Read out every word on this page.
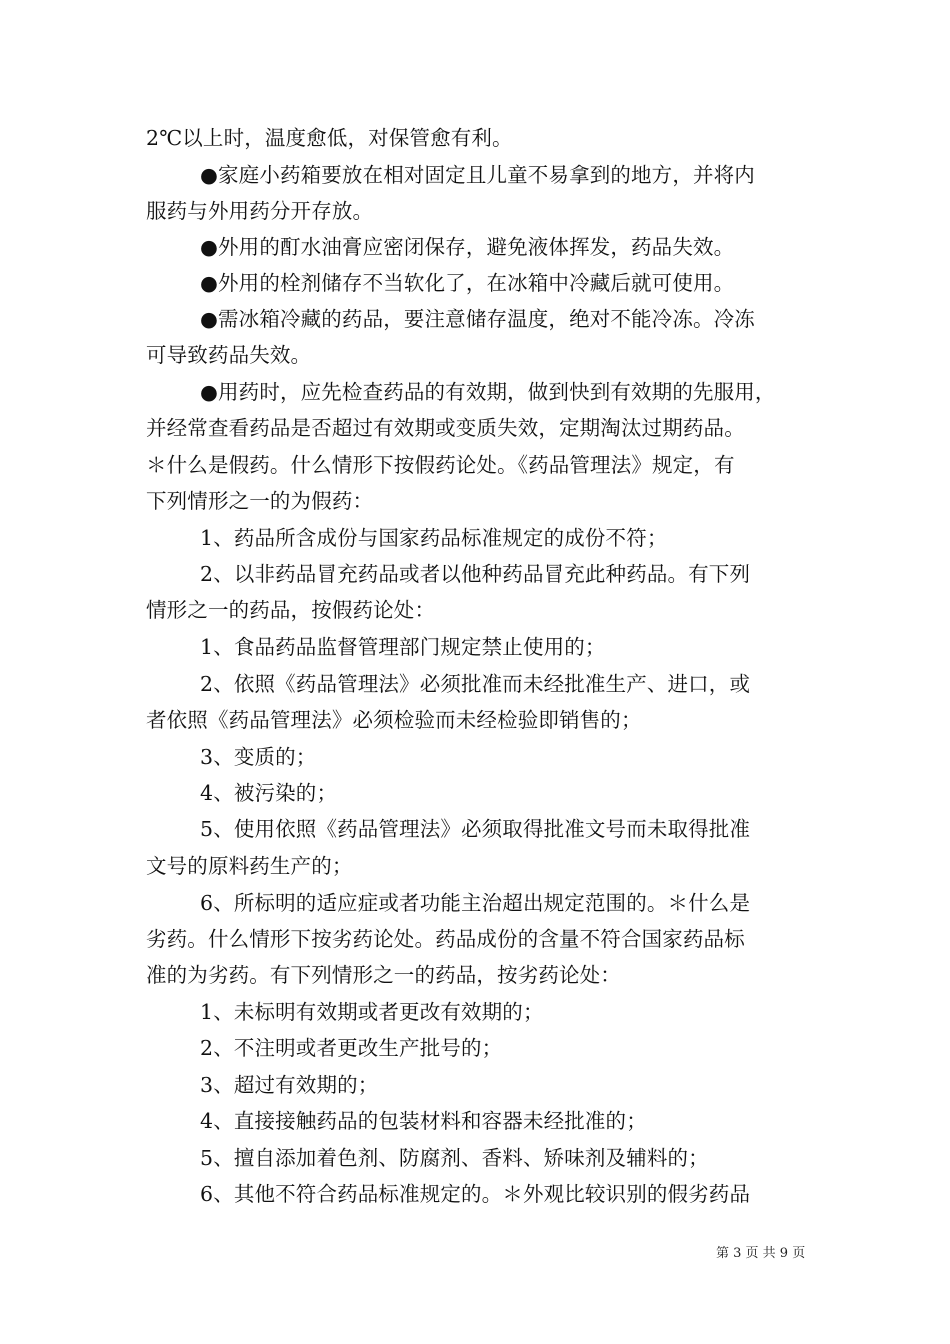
2℃以上时，温度愈低，对保管愈有利。
●家庭小药箱要放在相对固定且儿童不易拿到的地方，并将内
服药与外用药分开存放。
●外用的酊水油膏应密闭保存，避免液体挥发，药品失效。
●外用的栓剂储存不当软化了，在冰箱中冷藏后就可使用。
●需冰箱冷藏的药品，要注意储存温度，绝对不能冷冻。冷冻
可导致药品失效。
●用药时，应先检查药品的有效期，做到快到有效期的先服用，
并经常查看药品是否超过有效期或变质失效，定期淘汰过期药品。
＊什么是假药。什么情形下按假药论处。《药品管理法》规定，有
下列情形之一的为假药：
1、药品所含成份与国家药品标准规定的成份不符；
2、以非药品冒充药品或者以他种药品冒充此种药品。有下列
情形之一的药品，按假药论处：
1、食品药品监督管理部门规定禁止使用的；
2、依照《药品管理法》必须批准而未经批准生产、进口，或
者依照《药品管理法》必须检验而未经检验即销售的；
3、变质的；
4、被污染的；
5、使用依照《药品管理法》必须取得批准文号而未取得批准
文号的原料药生产的；
6、所标明的适应症或者功能主治超出规定范围的。＊什么是
劣药。什么情形下按劣药论处。药品成份的含量不符合国家药品标
准的为劣药。有下列情形之一的药品，按劣药论处：
1、未标明有效期或者更改有效期的；
2、不注明或者更改生产批号的；
3、超过有效期的；
4、直接接触药品的包装材料和容器未经批准的；
5、擅自添加着色剂、防腐剂、香料、矫味剂及辅料的；
6、其他不符合药品标准规定的。＊外观比较识别的假劣药品
第 3 页 共 9 页
